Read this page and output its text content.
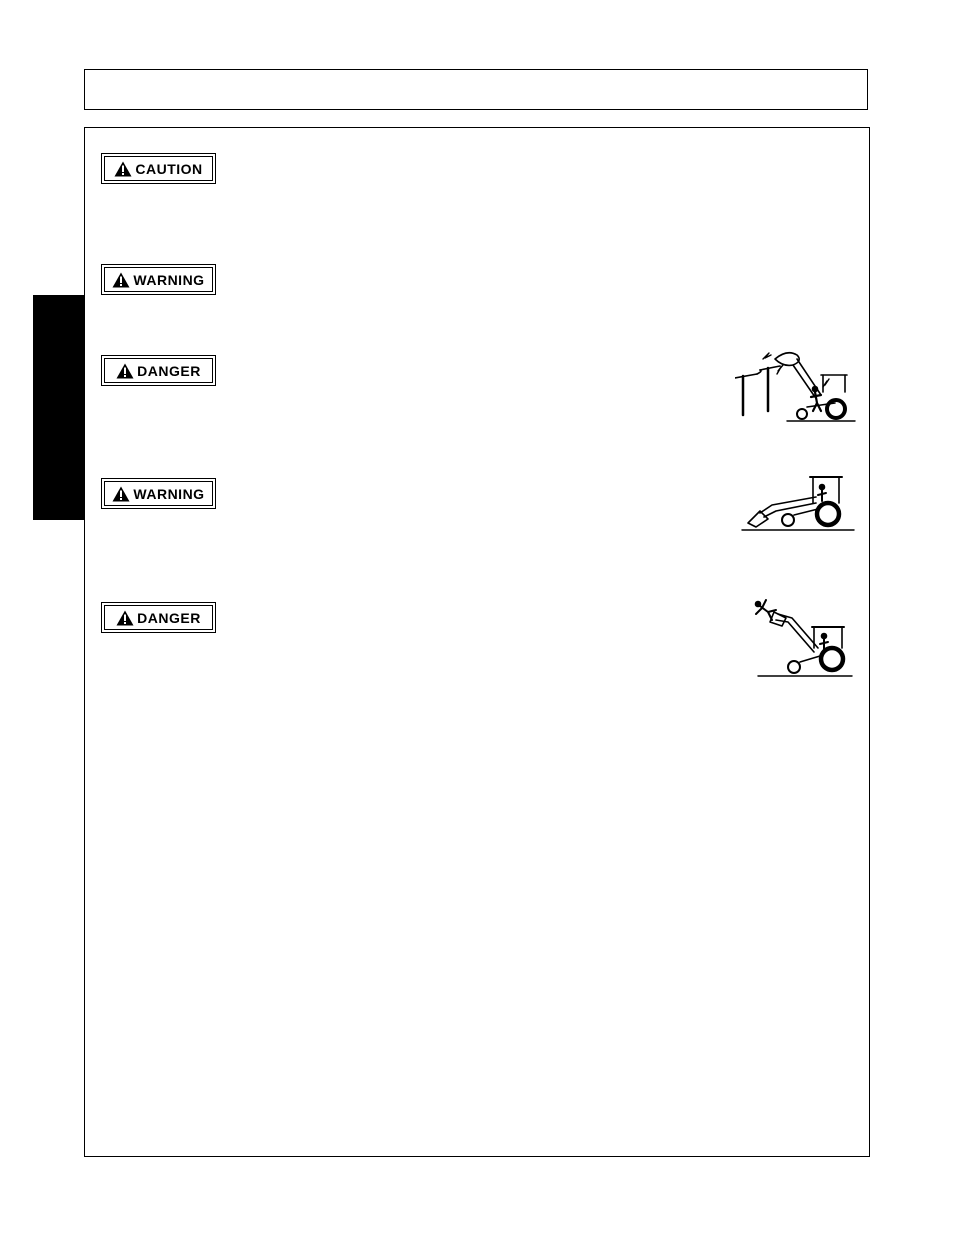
CAUTION
WARNING
DANGER
WARNING
DANGER
